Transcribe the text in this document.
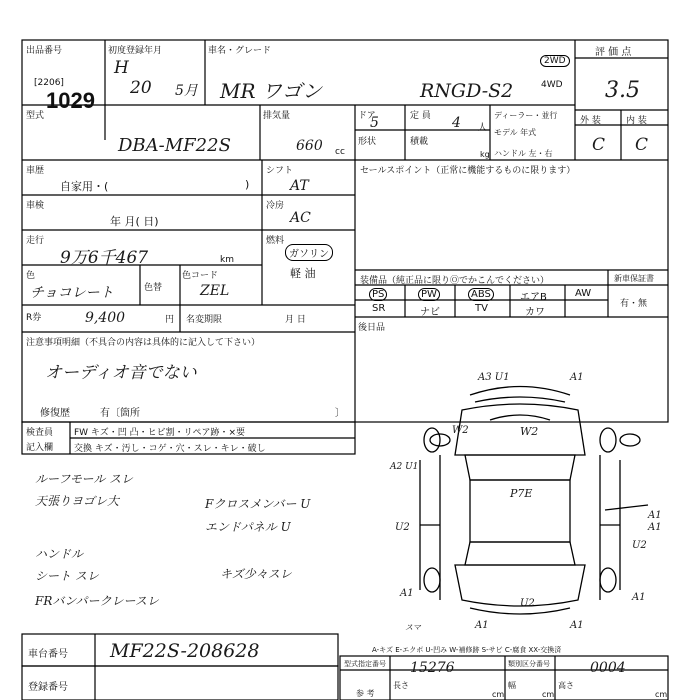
出品番号
[2206]
1029
初度登録年月
H
20 5月
車名・グレード
MR ワゴン	RNGD-S2
2WD
4WD
評 価 点
3.5
型式
DBA-MF22S
排気量
660 cc
ドア
5	定 員 4 人
形状	積載
kg
ディーラー・並行
モデル 年式
ハンドル 左・右
外 装	内 装
C C
車歴
自家用・(	)
シフト
AT
車検
年 月( 日)
冷房
AC
走行
9万6千467	km
燃料
ガソリン
軽 油
色
チョコレート	色替
色コード
ZEL
R券	9,400	円 名変期限	月 日
セールスポイント（正常に機能するものに限ります）
装備品（純正品に限りⓄでかこんでください）	新車保証書
有・無
PS	PW	ABS	エアB	AW
SR	ナビ	TV	カワ
後日品
注意事項明細（不具合の内容は具体的に記入して下さい）
オーディオ音でない
修復歴	有〔箇所	〕
検査員
記入欄
FW キズ・凹 凸・ヒビ割・リペア跡・×要
交換 キズ・汚し・コゲ・穴・スレ・キレ・破し
ルーフモール スレ
天張りヨゴレ大
ハンドル
シート スレ
FRバンパークレースレ
Fクロスメンバー U
エンドパネル U
キズ少々スレ
A3 U1	A1
W2	W2
A2 U1
P7E
A1
A1
U2
U2
A1
U2
A1
A1	A1
スマ
A-キズ E-エクボ U-凹み W-補修跡 S-サビ C-腐食 XX-交換済
車台番号 MF22S-208628
登録番号
型式指定番号 15276	類別区分番号	0004
参 考
長さ
cm
幅
cm
高さ
cm
